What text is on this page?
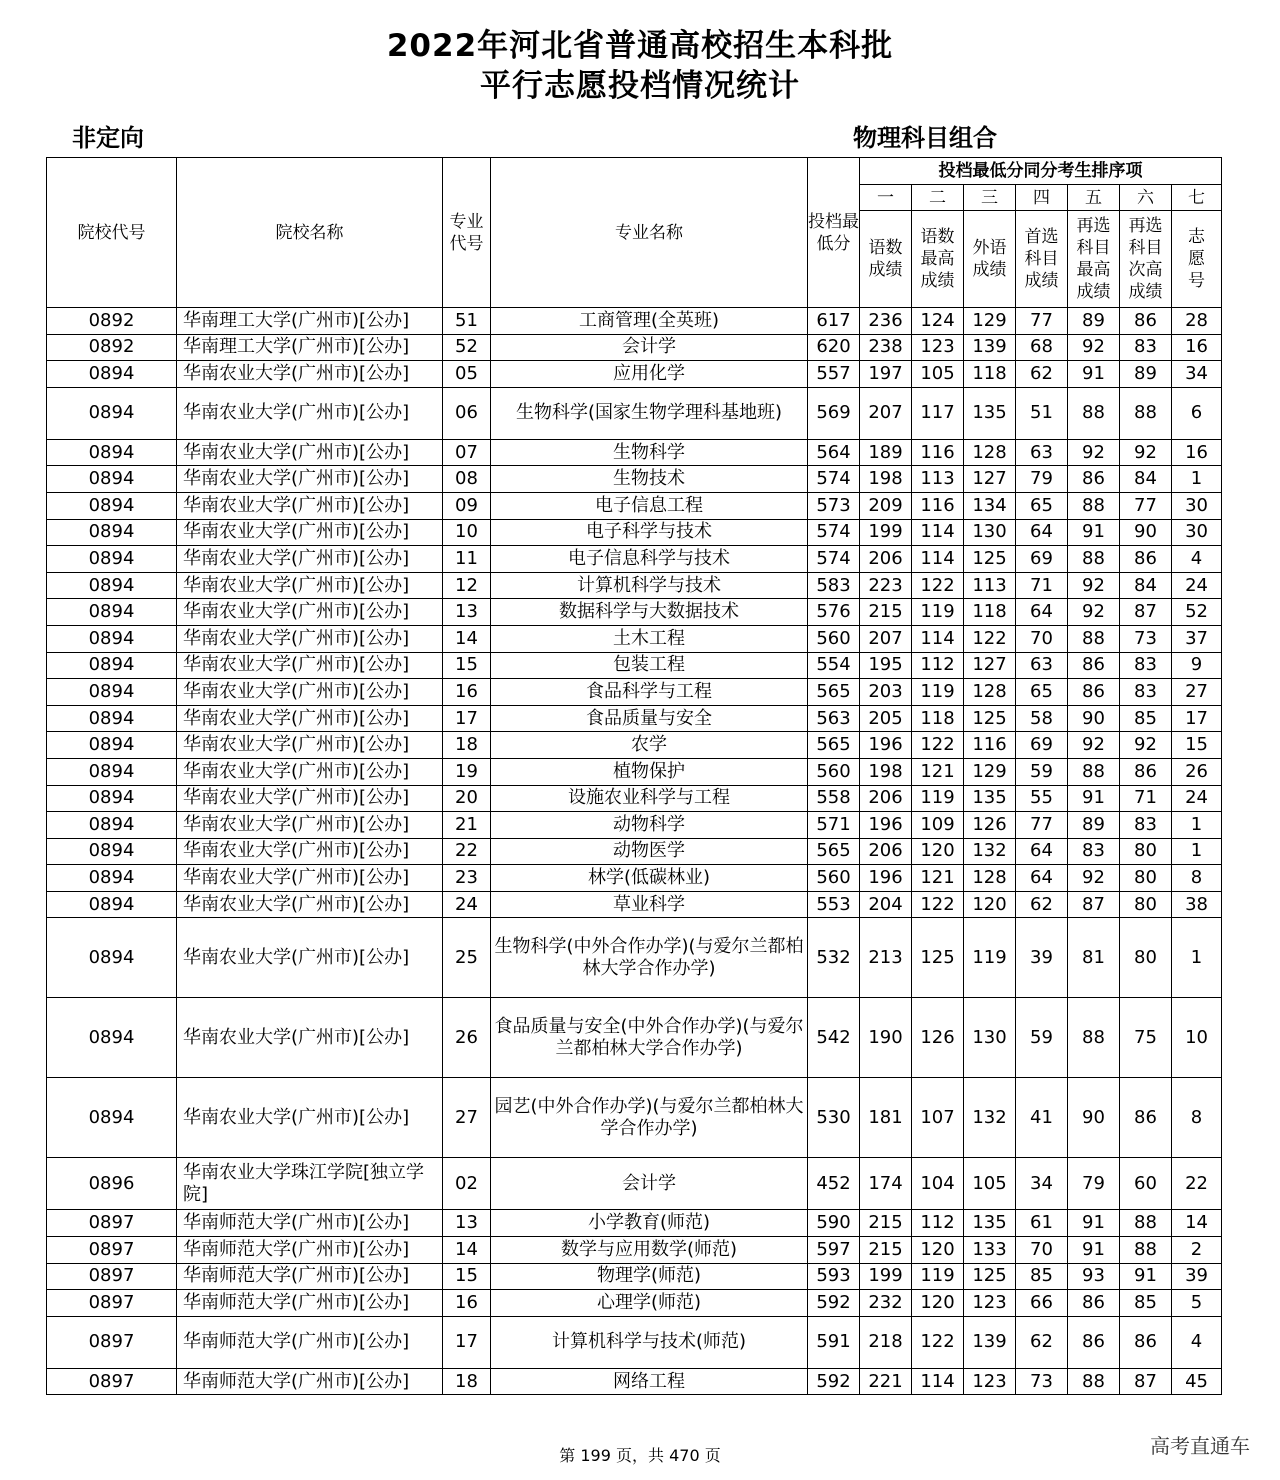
2022年河北省普通高校招生本科批
平行志愿投档情况统计
非定向	物理科目组合
院校代号	院校名称	专业代号	专业名称	投档最低分	投档最低分同分考生排序项						
					一	二	三	四	五	六	七
					语数成绩	语数最高成绩	外语成绩	首选科目成绩	再选科目最高成绩	再选科目次高成绩	志愿号
0892	华南理工大学(广州市)[公办]	51	工商管理(全英班)	617	236	124	129	77	89	86	28
0892	华南理工大学(广州市)[公办]	52	会计学	620	238	123	139	68	92	83	16
0894	华南农业大学(广州市)[公办]	05	应用化学	557	197	105	118	62	91	89	34
0894	华南农业大学(广州市)[公办]	06	生物科学(国家生物学理科基地班)	569	207	117	135	51	88	88	6
0894	华南农业大学(广州市)[公办]	07	生物科学	564	189	116	128	63	92	92	16
0894	华南农业大学(广州市)[公办]	08	生物技术	574	198	113	127	79	86	84	1
0894	华南农业大学(广州市)[公办]	09	电子信息工程	573	209	116	134	65	88	77	30
0894	华南农业大学(广州市)[公办]	10	电子科学与技术	574	199	114	130	64	91	90	30
0894	华南农业大学(广州市)[公办]	11	电子信息科学与技术	574	206	114	125	69	88	86	4
0894	华南农业大学(广州市)[公办]	12	计算机科学与技术	583	223	122	113	71	92	84	24
0894	华南农业大学(广州市)[公办]	13	数据科学与大数据技术	576	215	119	118	64	92	87	52
0894	华南农业大学(广州市)[公办]	14	土木工程	560	207	114	122	70	88	73	37
0894	华南农业大学(广州市)[公办]	15	包装工程	554	195	112	127	63	86	83	9
0894	华南农业大学(广州市)[公办]	16	食品科学与工程	565	203	119	128	65	86	83	27
0894	华南农业大学(广州市)[公办]	17	食品质量与安全	563	205	118	125	58	90	85	17
0894	华南农业大学(广州市)[公办]	18	农学	565	196	122	116	69	92	92	15
0894	华南农业大学(广州市)[公办]	19	植物保护	560	198	121	129	59	88	86	26
0894	华南农业大学(广州市)[公办]	20	设施农业科学与工程	558	206	119	135	55	91	71	24
0894	华南农业大学(广州市)[公办]	21	动物科学	571	196	109	126	77	89	83	1
0894	华南农业大学(广州市)[公办]	22	动物医学	565	206	120	132	64	83	80	1
0894	华南农业大学(广州市)[公办]	23	林学(低碳林业)	560	196	121	128	64	92	80	8
0894	华南农业大学(广州市)[公办]	24	草业科学	553	204	122	120	62	87	80	38
0894	华南农业大学(广州市)[公办]	25	生物科学(中外合作办学)(与爱尔兰都柏林大学合作办学)	532	213	125	119	39	81	80	1
0894	华南农业大学(广州市)[公办]	26	食品质量与安全(中外合作办学)(与爱尔兰都柏林大学合作办学)	542	190	126	130	59	88	75	10
0894	华南农业大学(广州市)[公办]	27	园艺(中外合作办学)(与爱尔兰都柏林大学合作办学)	530	181	107	132	41	90	86	8
0896	华南农业大学珠江学院[独立学院]	02	会计学	452	174	104	105	34	79	60	22
0897	华南师范大学(广州市)[公办]	13	小学教育(师范)	590	215	112	135	61	91	88	14
0897	华南师范大学(广州市)[公办]	14	数学与应用数学(师范)	597	215	120	133	70	91	88	2
0897	华南师范大学(广州市)[公办]	15	物理学(师范)	593	199	119	125	85	93	91	39
0897	华南师范大学(广州市)[公办]	16	心理学(师范)	592	232	120	123	66	86	85	5
0897	华南师范大学(广州市)[公办]	17	计算机科学与技术(师范)	591	218	122	139	62	86	86	4
0897	华南师范大学(广州市)[公办]	18	网络工程	592	221	114	123	73	88	87	45
第 199 页，共 470 页	高考直通车
